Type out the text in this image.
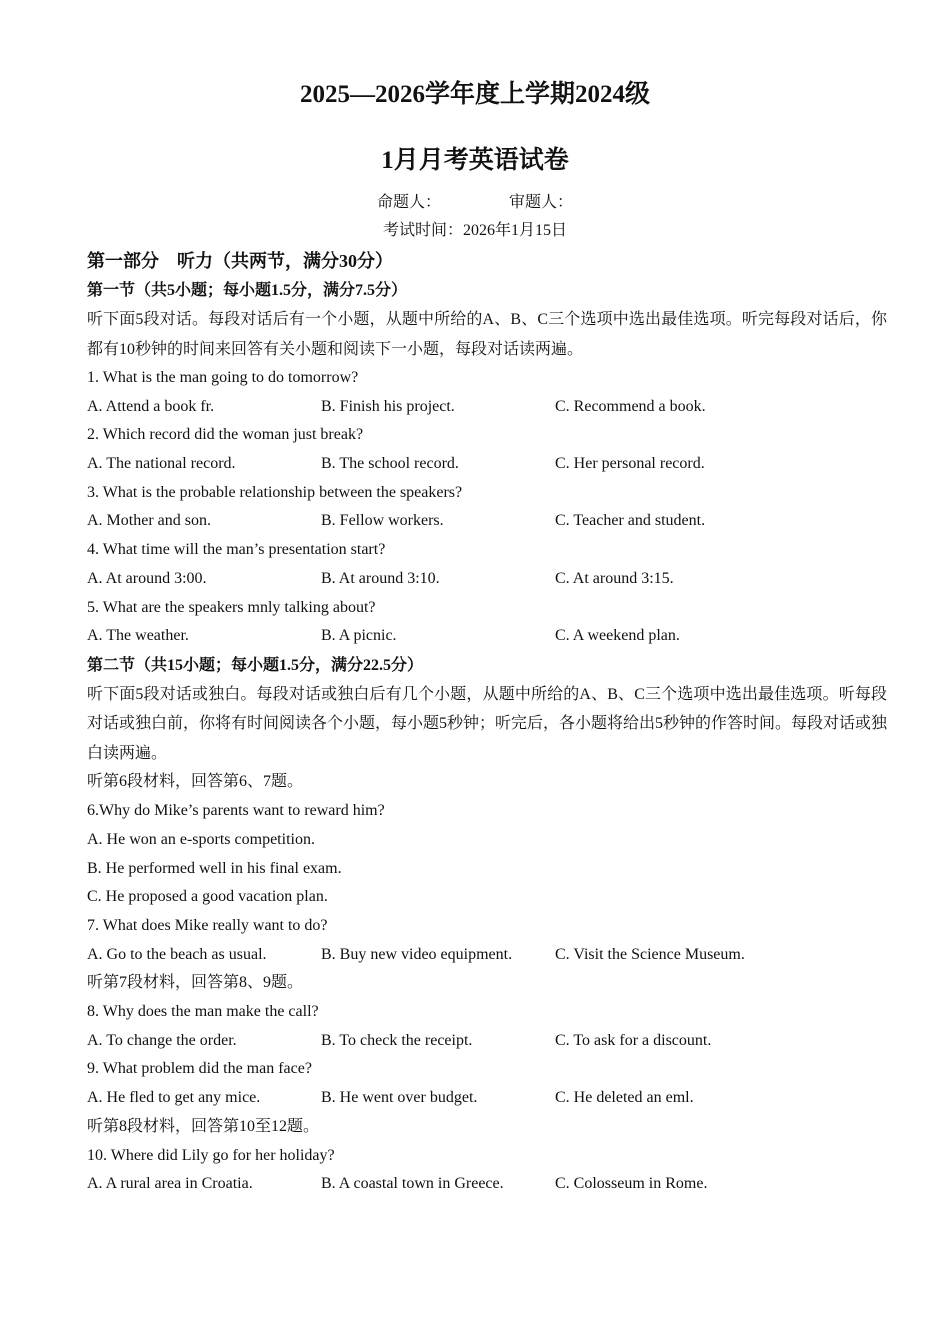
2025—2026学年度上学期2024级
1月月考英语试卷
命题人：	审题人：
考试时间：2026年1月15日
第一部分　听力（共两节，满分30分）
第一节（共5小题；每小题1.5分，满分7.5分）
听下面5段对话。每段对话后有一个小题，从题中所给的A、B、C三个选项中选出最佳选项。听完每段对话后，你都有10秒钟的时间来回答有关小题和阅读下一小题，每段对话读两遍。
1. What is the man going to do tomorrow?
A. Attend a book fr.	B. Finish his project.	C. Recommend a book.
2. Which record did the woman just break?
A. The national record.	B. The school record.	C. Her personal record.
3. What is the probable relationship between the speakers?
A. Mother and son.	B. Fellow workers.	C. Teacher and student.
4. What time will the man’s presentation start?
A. At around 3:00.	B. At around 3:10.	C. At around 3:15.
5. What are the speakers mnly talking about?
A. The weather.	B. A picnic.	C. A weekend plan.
第二节（共15小题；每小题1.5分，满分22.5分）
听下面5段对话或独白。每段对话或独白后有几个小题，从题中所给的A、B、C三个选项中选出最佳选项。听每段对话或独白前，你将有时间阅读各个小题，每小题5秒钟；听完后，各小题将给出5秒钟的作答时间。每段对话或独白读两遍。
听第6段材料，回答第6、7题。
6.Why do Mike’s parents want to reward him?
A. He won an e-sports competition.
B. He performed well in his final exam.
C. He proposed a good vacation plan.
7. What does Mike really want to do?
A. Go to the beach as usual.	B. Buy new video equipment.	C. Visit the Science Museum.
听第7段材料，回答第8、9题。
8. Why does the man make the call?
A. To change the order.	B. To check the receipt.	C. To ask for a discount.
9. What problem did the man face?
A. He fled to get any mice.	B. He went over budget.	C. He deleted an eml.
听第8段材料，回答第10至12题。
10. Where did Lily go for her holiday?
A. A rural area in Croatia.	B. A coastal town in Greece.	C. Colosseum in Rome.
